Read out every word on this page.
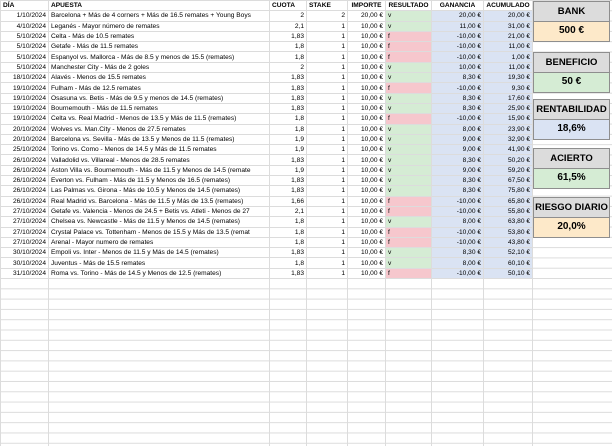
DÍA	APUESTA	CUOTA	STAKE	IMPORTE	RESULTADO	GANANCIA	ACUMULADO
1/10/2024	Barcelona + Más de 4 corners + Más de 16.5 remates + Young Boys	2	2	20,00 €	v	20,00 €	20,00 €
4/10/2024	Leganés - Mayor número de remates	2,1	1	10,00 €	v	11,00 €	31,00 €
5/10/2024	Celta - Más de 10.5 remates	1,83	1	10,00 €	f	-10,00 €	21,00 €
5/10/2024	Getafe - Más de 11.5 remates	1,8	1	10,00 €	f	-10,00 €	11,00 €
5/10/2024	Espanyol vs. Mallorca - Más de 8.5 y menos de 15.5 (remates)	1,8	1	10,00 €	f	-10,00 €	1,00 €
5/10/2024	Manchester City - Más de 2 goles	2	1	10,00 €	v	10,00 €	11,00 €
18/10/2024	Alavés - Menos de 15.5 remates	1,83	1	10,00 €	v	8,30 €	19,30 €
19/10/2024	Fulham - Más de 12.5 remates	1,83	1	10,00 €	f	-10,00 €	9,30 €
19/10/2024	Osasuna vs. Betis - Más de 9.5 y menos de 14.5 (remates)	1,83	1	10,00 €	v	8,30 €	17,60 €
19/10/2024	Bournemouth - Más de 11.5 remates	1,83	1	10,00 €	v	8,30 €	25,90 €
19/10/2024	Celta vs. Real Madrid - Menos de 13.5 y Más de 11.5 (remates)	1,8	1	10,00 €	f	-10,00 €	15,90 €
20/10/2024	Wolves vs. Man.City - Menos de 27.5 remates	1,8	1	10,00 €	v	8,00 €	23,90 €
20/10/2024	Barcelona vs. Sevilla - Más de 13.5 y Menos de 11.5 (remates)	1,9	1	10,00 €	v	9,00 €	32,90 €
25/10/2024	Torino vs. Como - Menos de 14.5 y Más de 11.5 remates	1,9	1	10,00 €	v	9,00 €	41,90 €
26/10/2024	Valladolid vs. Villareal - Menos de 28.5 remates	1,83	1	10,00 €	v	8,30 €	50,20 €
26/10/2024	Aston Villa vs. Bournemouth - Más de 11.5 y Menos de 14.5 (remate	1,9	1	10,00 €	v	9,00 €	59,20 €
26/10/2024	Everton vs. Fulham - Más de 11.5 y Menos de 16.5 (remates)	1,83	1	10,00 €	v	8,30 €	67,50 €
26/10/2024	Las Palmas vs. Girona - Más de 10.5 y Menos de 14.5 (remates)	1,83	1	10,00 €	v	8,30 €	75,80 €
26/10/2024	Real Madrid vs. Barcelona - Más de 11.5 y Más de 13.5 (remates)	1,66	1	10,00 €	f	-10,00 €	65,80 €
27/10/2024	Getafe vs. Valencia - Menos de 24.5 + Betis vs. Atleti - Menos de 27	2,1	1	10,00 €	f	-10,00 €	55,80 €
27/10/2024	Chelsea vs. Newcastle - Más de 11.5 y Menos de 14.5 (remates)	1,8	1	10,00 €	v	8,00 €	63,80 €
27/10/2024	Crystal Palace vs. Tottenham - Menos de 15.5 y Más de 13.5 (remat	1,8	1	10,00 €	f	-10,00 €	53,80 €
27/10/2024	Arenal - Mayor numero de remates	1,8	1	10,00 €	f	-10,00 €	43,80 €
30/10/2024	Empoli vs. Inter - Menos de 11.5 y Más de 14.5 (remates)	1,83	1	10,00 €	v	8,30 €	52,10 €
30/10/2024	Juventus - Más de 15.5 remates	1,8	1	10,00 €	v	8,00 €	60,10 €
31/10/2024	Roma vs. Torino - Más de 14.5 y Menos de 12.5 (remates)	1,83	1	10,00 €	f	-10,00 €	50,10 €
BANK
500 €
BENEFICIO
50 €
RENTABILIDAD
18,6%
ACIERTO
61,5%
RIESGO DIARIO
20,0%
